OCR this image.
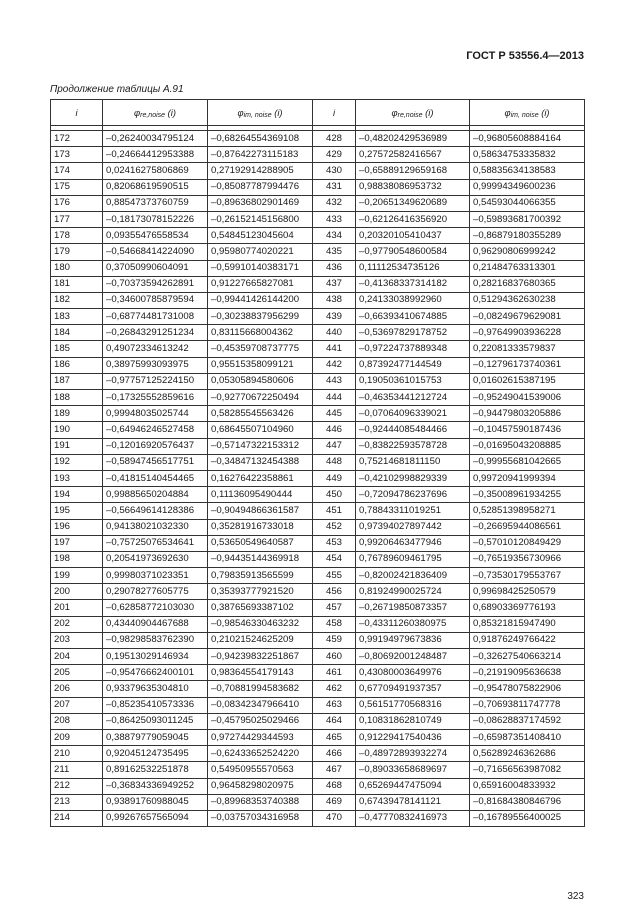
ГОСТ Р 53556.4—2013
Продолжение таблицы А.91
i	φre,noise (i)	φim, noise (i)	i	φre,noise (i)	φim, noise (i)

172	–0,26240034795124	–0,68264554369108	428	–0,48202429536989	–0,96805608884164
173	–0,24664412953388	–0,87642273115183	429	0,27572582416567	0,58634753335832
174	0,02416275806869	0,27192914288905	430	–0,65889129659168	0,58835634138583
175	0,82068619590515	–0,85087787994476	431	0,98838086953732	0,99994349600236
176	0,88547373760759	–0,89636802901469	432	–0,20651349620689	0,54593044066355
177	–0,18173078152226	–0,26152145156800	433	–0,62126416356920	–0,59893681700392
178	0,09355476558534	0,54845123045604	434	0,20320105410437	–0,86879180355289
179	–0,54668414224090	0,95980774020221	435	–0,97790548600584	0,96290806999242
180	0,37050990604091	–0,59910140383171	436	0,11112534735126	0,21484763313301
181	–0,70373594262891	0,91227665827081	437	–0,41368337314182	0,28216837680365
182	–0,34600785879594	–0,99441426144200	438	0,24133038992960	0,51294362630238
183	–0,68774481731008	–0,30238837956299	439	–0,66393410674885	–0,08249679629081
184	–0,26843291251234	0,83115668004362	440	–0,53697829178752	–0,97649903936228
185	0,49072334613242	–0,45359708737775	441	–0,97224737889348	0,22081333579837
186	0,38975993093975	0,95515358099121	442	0,87392477144549	–0,12796173740361
187	–0,97757125224150	0,05305894580606	443	0,19050361015753	0,01602615387195
188	–0,17325552859616	–0,92770672250494	444	–0,46353441212724	–0,95249041539006
189	0,99948035025744	0,58285545563426	445	–0,07064096339021	–0,94479803205886
190	–0,64946246527458	0,68645507104960	446	–0,92444085484466	–0,10457590187436
191	–0,12016920576437	–0,57147322153312	447	–0,83822593578728	–0,01695043208885
192	–0,58947456517751	–0,34847132454388	448	0,75214681811150	–0,99955681042665
193	–0,41815140454465	0,16276422358861	449	–0,42102998829339	0,99720941999394
194	0,99885650204884	0,11136095490444	450	–0,72094786237696	–0,35008961934255
195	–0,56649614128386	–0,90494866361587	451	0,78843311019251	0,52851398958271
196	0,94138021032330	0,35281916733018	452	0,97394027897442	–0,26695944086561
197	–0,75725076534641	0,53650549640587	453	0,99206463477946	–0,57010120849429
198	0,20541973692630	–0,94435144369918	454	0,76789609461795	–0,76519356730966
199	0,99980371023351	0,79835913565599	455	–0,82002421836409	–0,73530179553767
200	0,29078277605775	0,35393777921520	456	0,81924990025724	0,99698425250579
201	–0,62858772103030	0,38765693387102	457	–0,26719850873357	0,68903369776193
202	0,43440904467688	–0,98546330463232	458	–0,43311260380975	0,85321815947490
203	–0,98298583762390	0,21021524625209	459	0,99194979673836	0,91876249766422
204	0,19513029146934	–0,94239832251867	460	–0,80692001248487	–0,32627540663214
205	–0,95476662400101	0,98364554179143	461	0,43080003649976	–0,21919095636638
206	0,93379635304810	–0,70881994583682	462	0,67709491937357	–0,95478075822906
207	–0,85235410573336	–0,08342347966410	463	0,56151770568316	–0,70693811747778
208	–0,86425093011245	–0,45795025029466	464	0,10831862810749	–0,08628837174592
209	0,38879779059045	0,97274429344593	465	0,91229417540436	–0,65987351408410
210	0,92045124735495	–0,62433652524220	466	–0,48972893932274	0,56289246362686
211	0,89162532251878	0,54950955570563	467	–0,89033658689697	–0,71656563987082
212	–0,36834336949252	0,96458298020975	468	0,65269447475094	0,65916004833932
213	0,93891760988045	–0,89968353740388	469	0,67439478141121	–0,81684380846796
214	0,99267657565094	–0,03757034316958	470	–0,47770832416973	–0,16789556400025
323
